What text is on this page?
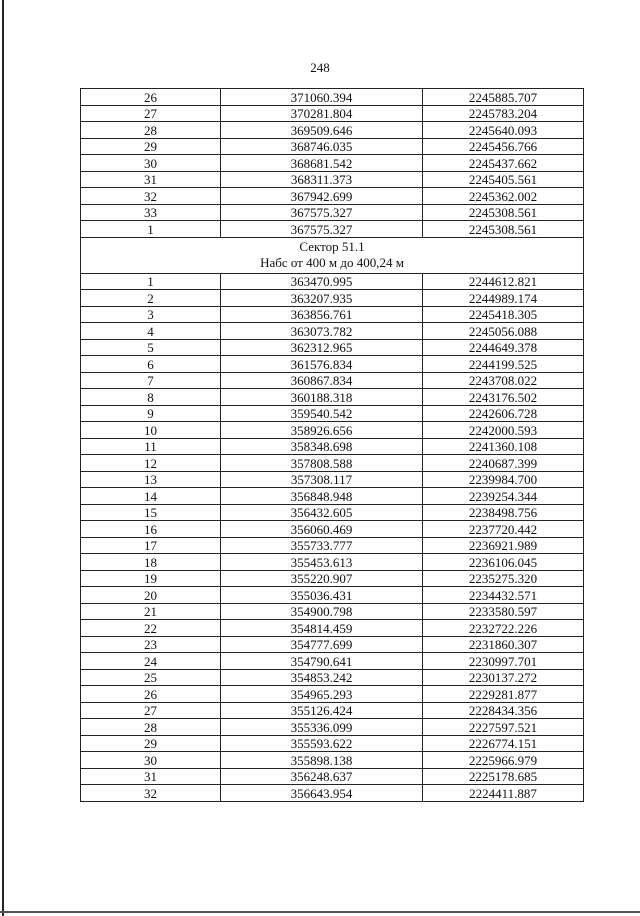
248
26	371060.394	2245885.707
27	370281.804	2245783.204
28	369509.646	2245640.093
29	368746.035	2245456.766
30	368681.542	2245437.662
31	368311.373	2245405.561
32	367942.699	2245362.002
33	367575.327	2245308.561
1	367575.327	2245308.561

Сектор 51.1
Набс от 400 м до 400,24 м		

1	363470.995	2244612.821
2	363207.935	2244989.174
3	363856.761	2245418.305
4	363073.782	2245056.088
5	362312.965	2244649.378
6	361576.834	2244199.525
7	360867.834	2243708.022
8	360188.318	2243176.502
9	359540.542	2242606.728
10	358926.656	2242000.593
11	358348.698	2241360.108
12	357808.588	2240687.399
13	357308.117	2239984.700
14	356848.948	2239254.344
15	356432.605	2238498.756
16	356060.469	2237720.442
17	355733.777	2236921.989
18	355453.613	2236106.045
19	355220.907	2235275.320
20	355036.431	2234432.571
21	354900.798	2233580.597
22	354814.459	2232722.226
23	354777.699	2231860.307
24	354790.641	2230997.701
25	354853.242	2230137.272
26	354965.293	2229281.877
27	355126.424	2228434.356
28	355336.099	2227597.521
29	355593.622	2226774.151
30	355898.138	2225966.979
31	356248.637	2225178.685
32	356643.954	2224411.887
